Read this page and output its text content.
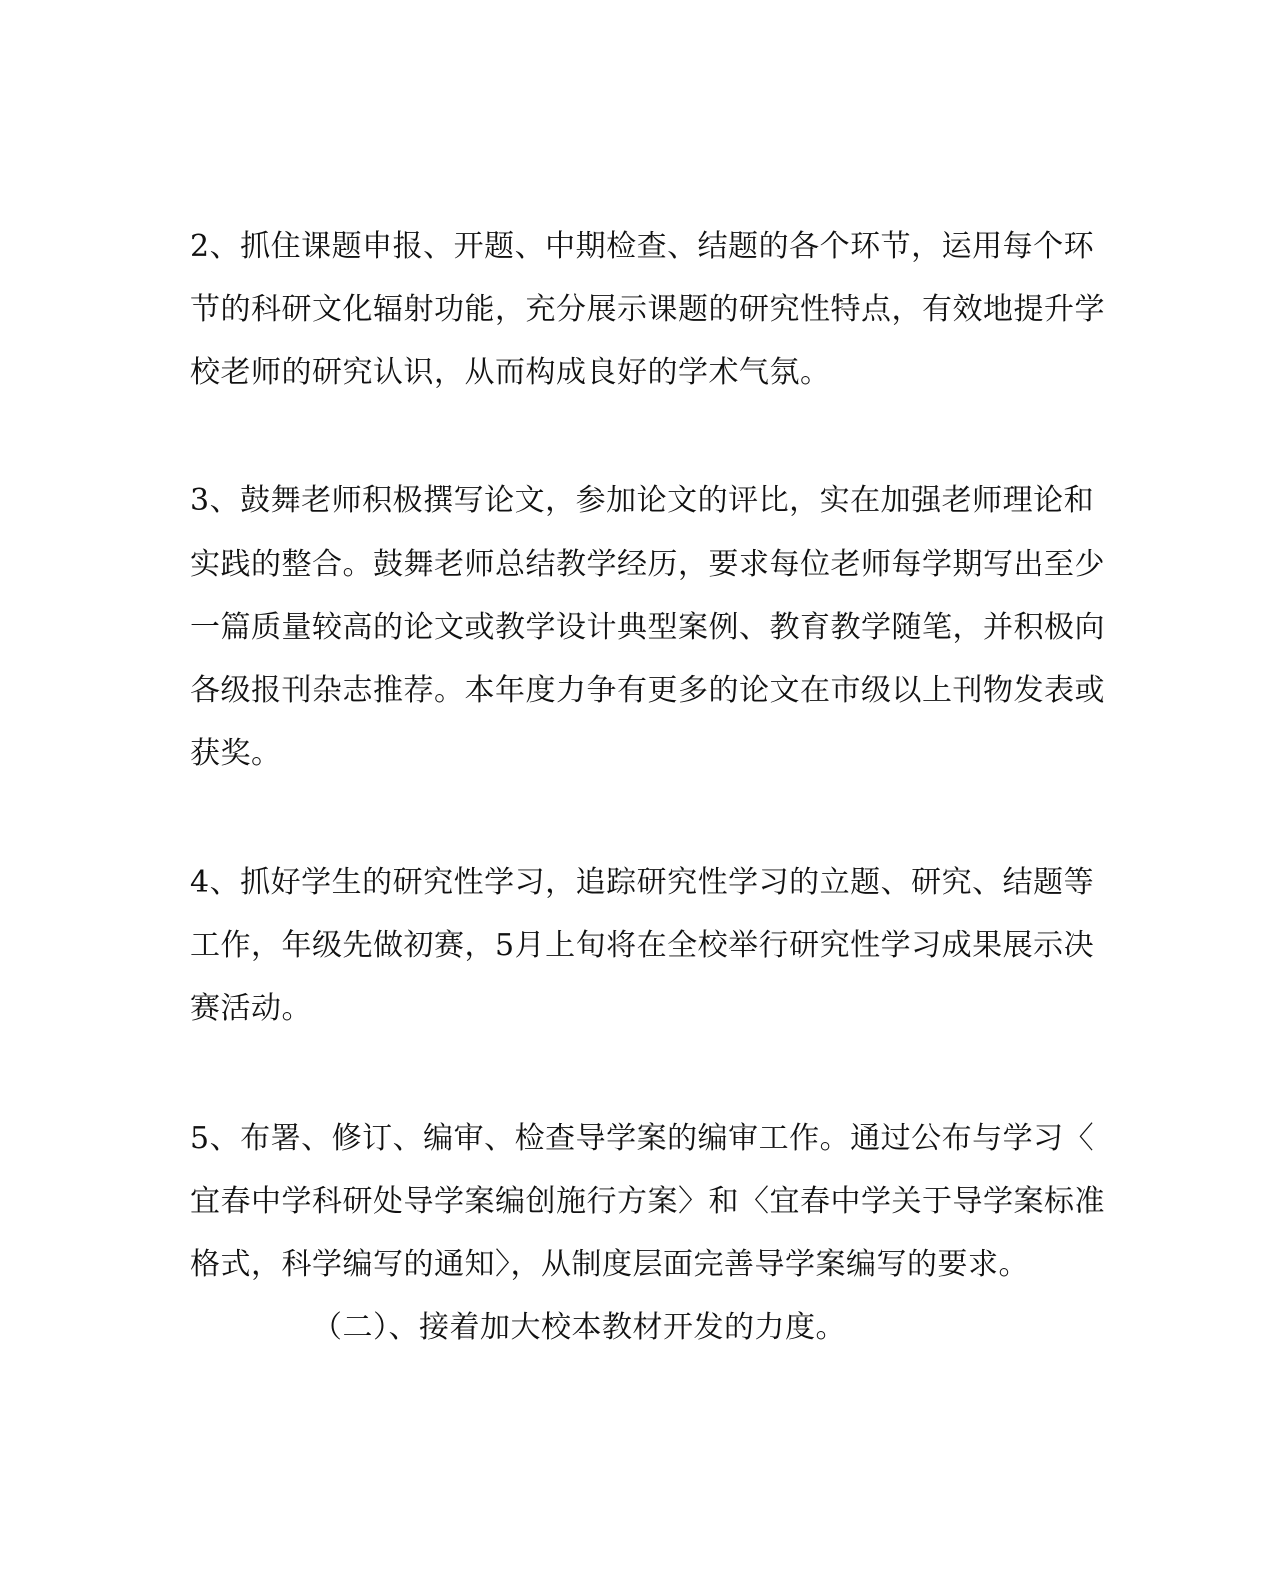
2、抓住课题申报、开题、中期检查、结题的各个环节，运用每个环
节的科研文化辐射功能，充分展示课题的研究性特点，有效地提升学
校老师的研究认识，从而构成良好的学术气氛。
3、鼓舞老师积极撰写论文，参加论文的评比，实在加强老师理论和
实践的整合。鼓舞老师总结教学经历，要求每位老师每学期写出至少
一篇质量较高的论文或教学设计典型案例、教育教学随笔，并积极向
各级报刊杂志推荐。本年度力争有更多的论文在市级以上刊物发表或
获奖。
4、抓好学生的研究性学习，追踪研究性学习的立题、研究、结题等
工作，年级先做初赛，5月上旬将在全校举行研究性学习成果展示决
赛活动。
5、布署、修订、编审、检查导学案的编审工作。通过公布与学习〈
宜春中学科研处导学案编创施行方案〉和〈宜春中学关于导学案标准
格式，科学编写的通知〉，从制度层面完善导学案编写的要求。
（二）、接着加大校本教材开发的力度。
